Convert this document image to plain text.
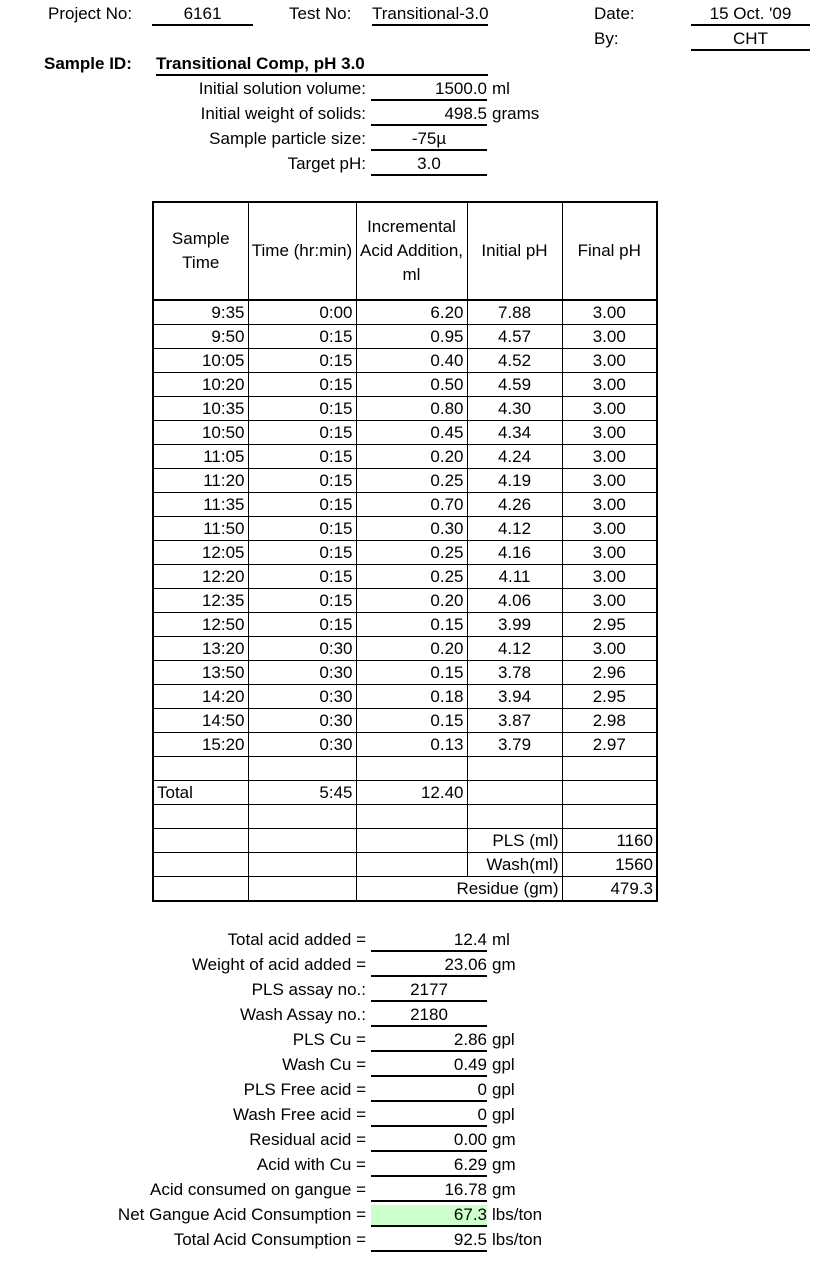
Project No:	6161	Test No: Transitional-3.0	Date:	15 Oct. '09
By:	CHT
Sample ID: Transitional Comp, pH 3.0
Initial solution volume:	1500.0 ml
Initial weight of solids:	498.5 grams
Sample particle size:	-75µ
Target pH:	3.0
Sample Time	Time (hr:min)	Incremental Acid Addition, ml	Initial pH	Final pH
9:35	0:00	6.20	7.88	3.00
9:50	0:15	0.95	4.57	3.00
10:05	0:15	0.40	4.52	3.00
10:20	0:15	0.50	4.59	3.00
10:35	0:15	0.80	4.30	3.00
10:50	0:15	0.45	4.34	3.00
11:05	0:15	0.20	4.24	3.00
11:20	0:15	0.25	4.19	3.00
11:35	0:15	0.70	4.26	3.00
11:50	0:15	0.30	4.12	3.00
12:05	0:15	0.25	4.16	3.00
12:20	0:15	0.25	4.11	3.00
12:35	0:15	0.20	4.06	3.00
12:50	0:15	0.15	3.99	2.95
13:20	0:30	0.20	4.12	3.00
13:50	0:30	0.15	3.78	2.96
14:20	0:30	0.18	3.94	2.95
14:50	0:30	0.15	3.87	2.98
15:20	0:30	0.13	3.79	2.97

Total	5:45	12.40		

			PLS (ml)	1160
			Wash(ml)	1560
		Residue (gm)		479.3
Total acid added =	12.4 ml
Weight of acid added =	23.06 gm
PLS assay no.:	2177
Wash Assay no.:	2180
PLS Cu =	2.86 gpl
Wash Cu =	0.49 gpl
PLS Free acid =	0 gpl
Wash Free acid =	0 gpl
Residual acid =	0.00 gm
Acid with Cu =	6.29 gm
Acid consumed on gangue =	16.78 gm
Net Gangue Acid Consumption =	67.3 lbs/ton
Total Acid Consumption =	92.5 lbs/ton
